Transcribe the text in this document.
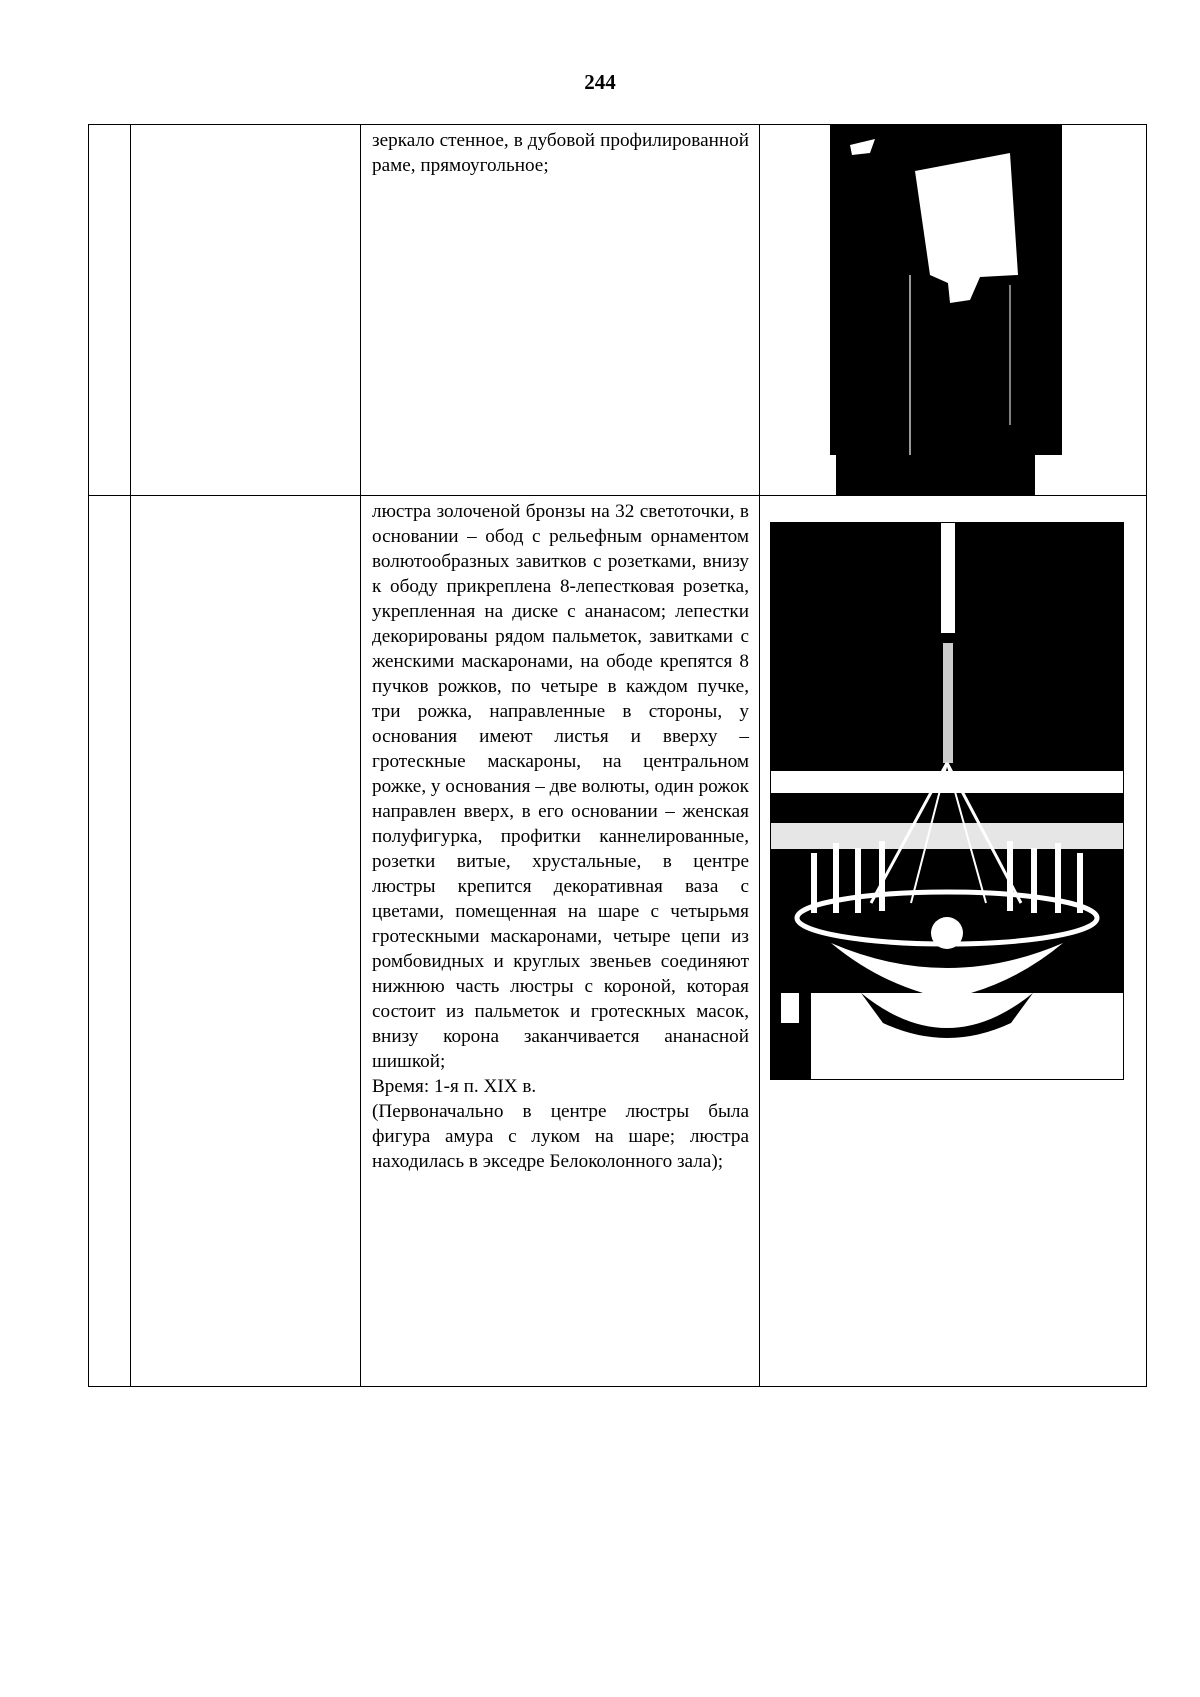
244

		зеркало стенное, в дубовой профилированной раме, прямоугольное;

		люстра золоченой бронзы на 32 светоточки, в основании – обод с рельефным орнаментом волютообразных завитков с розетками, внизу к ободу прикреплена 8-лепестковая розетка, укрепленная на диске с ананасом; лепестки декорированы рядом пальметок, завитками с женскими маскаронами, на ободе крепятся 8 пучков рожков, по четыре в каждом пучке, три рожка, направленные в стороны, у основания имеют листья и вверху – гротескные маскароны, на центральном рожке, у основания – две волюты, один рожок направлен вверх, в его основании – женская полуфигурка, профитки каннелированные, розетки витые, хрустальные, в центре люстры крепится декоративная ваза с цветами, помещенная на шаре с четырьмя гротескными маскаронами, четыре цепи из ромбовидных и круглых звеньев соединяют нижнюю часть люстры с короной, которая состоит из пальметок и гротескных масок, внизу корона заканчивается ананасной шишкой;

Время: 1-я п. XIX в.

(Первоначально в центре люстры была фигура амура с луком на шаре; люстра находилась в экседре Белоколонного зала);
